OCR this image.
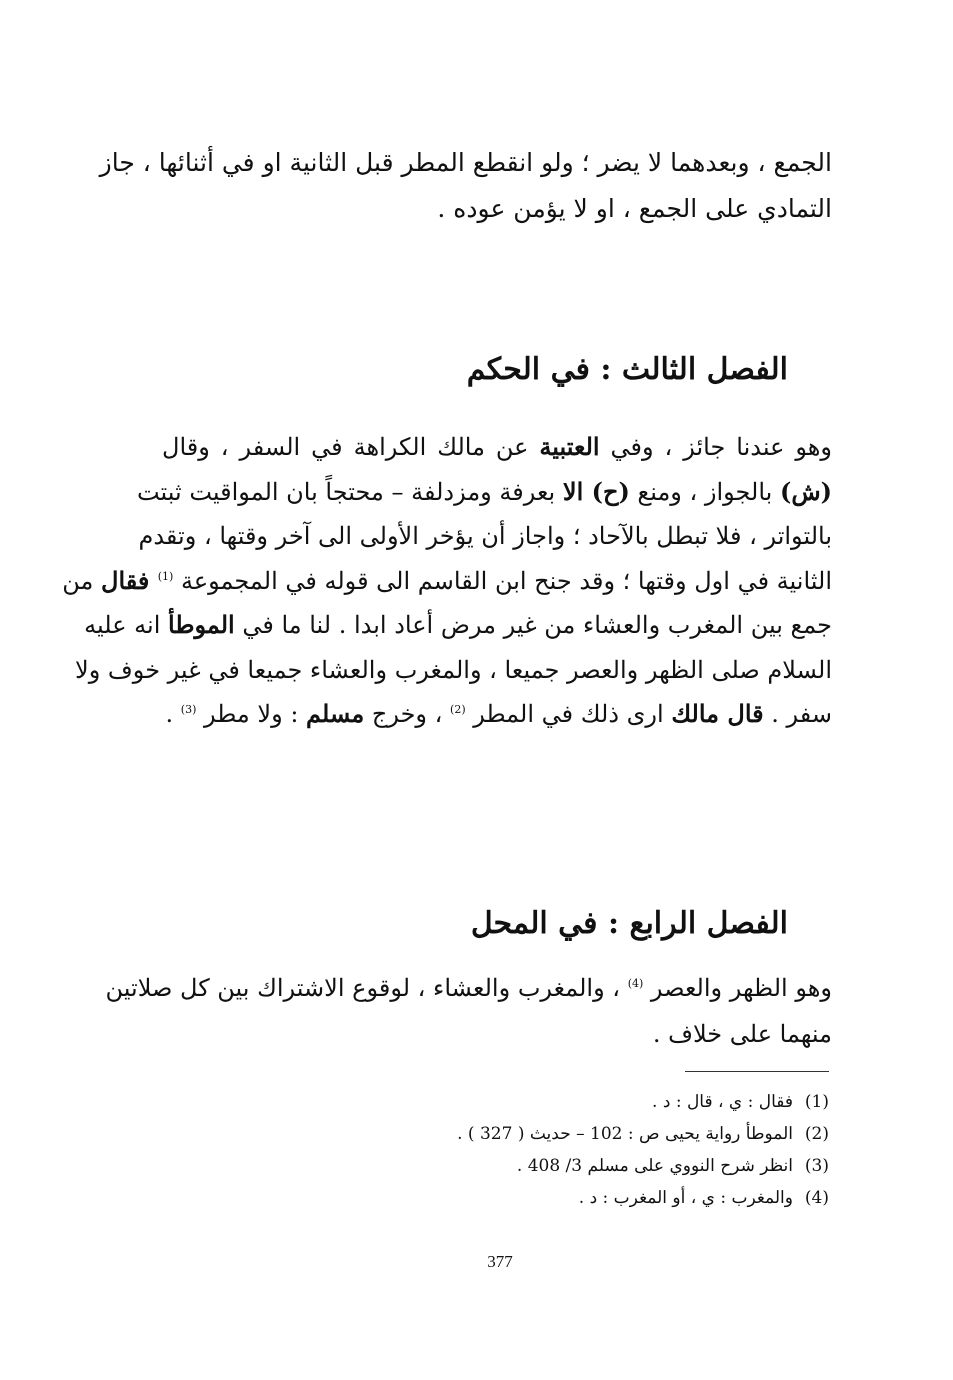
الجمع ، وبعدهما لا يضر ؛ ولو انقطع المطر قبل الثانية او في أثنائها ، جاز
التمادي على الجمع ، او لا يؤمن عوده .
الفصل الثالث : في الحكم
وهو عندنا جائز ، وفي العتبية عن مالك الكراهة في السفر ، وقال
(ش) بالجواز ، ومنع (ح) الا بعرفة ومزدلفة – محتجاً بان المواقيت ثبتت
بالتواتر ، فلا تبطل بالآحاد ؛ واجاز أن يؤخر الأولى الى آخر وقتها ، وتقدم
الثانية في اول وقتها ؛ وقد جنح ابن القاسم الى قوله في المجموعة $^{(1)}$ فقال من
جمع بين المغرب والعشاء من غير مرض أعاد ابدا . لنا ما في الموطأ انه عليه
السلام صلى الظهر والعصر جميعا ، والمغرب والعشاء جميعا في غير خوف ولا
سفر . قال مالك ارى ذلك في المطر $^{(2)}$ ، وخرج مسلم : ولا مطر $^{(3)}$ .
الفصل الرابع : في المحل
وهو الظهر والعصر $^{(4)}$ ، والمغرب والعشاء ، لوقوع الاشتراك بين كل صلاتين
منهما على خلاف .
(1)فقال : ي ، قال : د .
(2)الموطأ رواية يحيى ص : 102 – حديث ( 327 ) .
(3)انظر شرح النووي على مسلم 3/ 408 .
(4)والمغرب : ي ، أو المغرب : د .
377
